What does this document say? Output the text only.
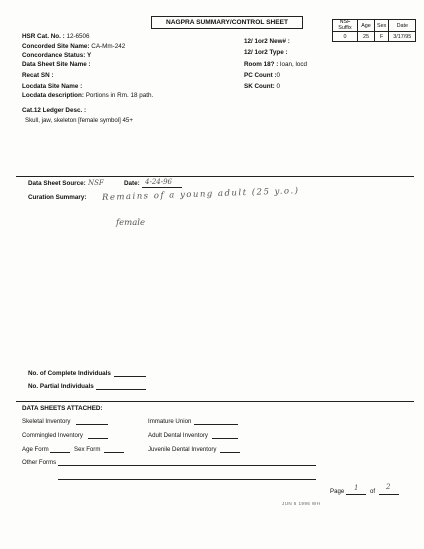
NAGPRA SUMMARY/CONTROL SHEET	NSF Suffix	Age	Sex	Date
0	25	F	3/17/95
HSR Cat. No. : 12-6506
Concorded Site Name: CA-Mm-242
Concordance Status: Y
Data Sheet Site Name :
Recat SN :
Locdata Site Name :
Locdata description: Portions in Rm. 18 path.
Cat.12 Ledger Desc. :
Skull, jaw, skeleton [female symbol] 45+
12/ 1or2 New# :
12/ 1or2 Type :
Room 18? : loan, locd
PC Count :0
SK Count: 0
Data Sheet Source: NSF	Date: 4-24-96
Curation Summary: Remains of a young adult (25 y.o.)
female
No. of Complete Individuals
No. Partial Individuals
DATA SHEETS ATTACHED:
Skeletal Inventory
Commingled Inventory
Age Form	Sex Form
Other Forms
Immature Union
Adult Dental Inventory
Juvenile Dental Inventory
Page 1 of
2
JUN 6 1996 WH
